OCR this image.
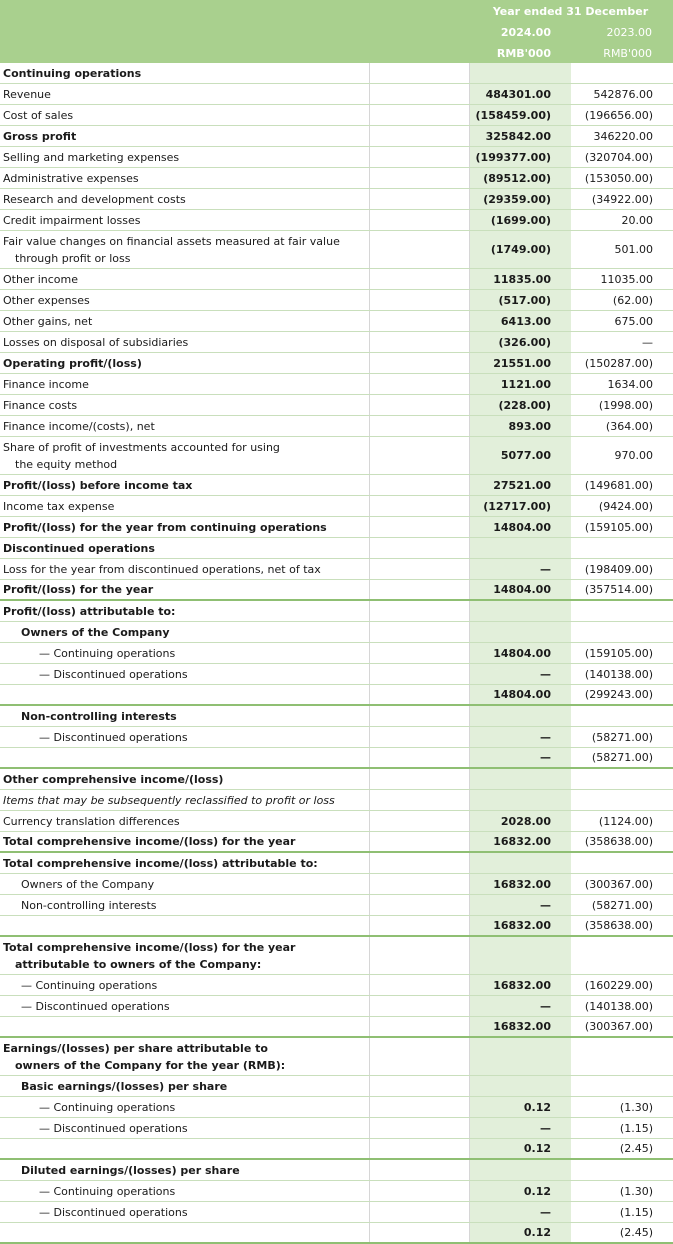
Year ended 31 December
2024.00	2023.00
RMB'000	RMB'000
Continuing operations
Revenue	484301.00	542876.00
Cost of sales	(158459.00)	(196656.00)
Gross profit	325842.00	346220.00
Selling and marketing expenses	(199377.00)	(320704.00)
Administrative expenses	(89512.00)	(153050.00)
Research and development costs	(29359.00)	(34922.00)
Credit impairment losses	(1699.00)	20.00
Fair value changes on financial assets measured at fair value
through profit or loss
(1749.00)	501.00
Other income	11835.00	11035.00
Other expenses	(517.00)	(62.00)
Other gains, net	6413.00	675.00
Losses on disposal of subsidiaries	(326.00)	—
Operating profit/(loss)	21551.00	(150287.00)
Finance income	1121.00	1634.00
Finance costs	(228.00)	(1998.00)
Finance income/(costs), net	893.00	(364.00)
Share of profit of investments accounted for using
the equity method
5077.00	970.00
Profit/(loss) before income tax	27521.00	(149681.00)
Income tax expense	(12717.00)	(9424.00)
Profit/(loss) for the year from continuing operations	14804.00	(159105.00)
Discontinued operations
Loss for the year from discontinued operations, net of tax	—	(198409.00)
Profit/(loss) for the year	14804.00	(357514.00)
Profit/(loss) attributable to:
Owners of the Company
— Continuing operations	14804.00	(159105.00)
— Discontinued operations	—	(140138.00)
14804.00	(299243.00)
Non-controlling interests
— Discontinued operations	—	(58271.00)
—	(58271.00)
Other comprehensive income/(loss)
Items that may be subsequently reclassified to profit or loss
Currency translation differences	2028.00	(1124.00)
Total comprehensive income/(loss) for the year	16832.00	(358638.00)
Total comprehensive income/(loss) attributable to:
Owners of the Company	16832.00	(300367.00)
Non-controlling interests	—	(58271.00)
16832.00	(358638.00)
Total comprehensive income/(loss) for the year
attributable to owners of the Company:
— Continuing operations	16832.00	(160229.00)
— Discontinued operations	—	(140138.00)
16832.00	(300367.00)
Earnings/(losses) per share attributable to
owners of the Company for the year (RMB):
Basic earnings/(losses) per share
— Continuing operations	0.12	(1.30)
— Discontinued operations	—	(1.15)
0.12	(2.45)
Diluted earnings/(losses) per share
— Continuing operations	0.12	(1.30)
— Discontinued operations	—	(1.15)
0.12	(2.45)
